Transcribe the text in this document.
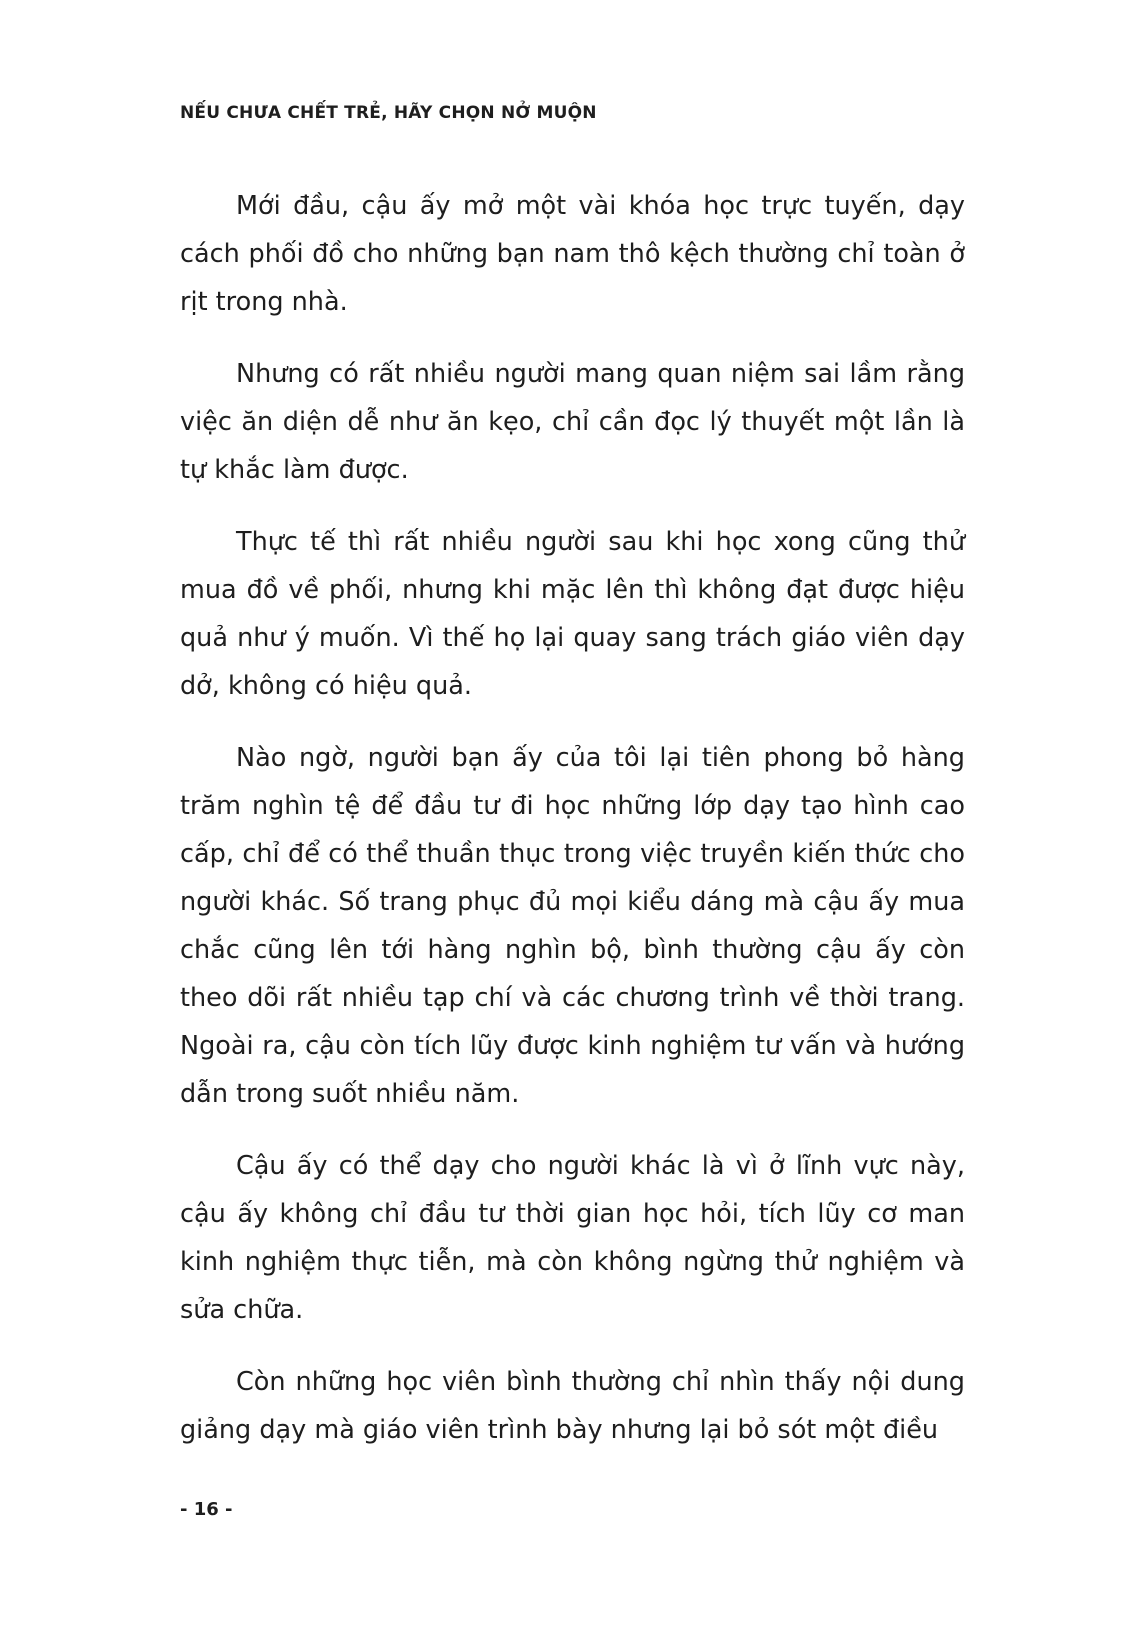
NẾU CHƯA CHẾT TRẺ, HÃY CHỌN NỞ MUỘN

Mới đầu, cậu ấy mở một vài khóa học trực tuyến, dạy cách phối đồ cho những bạn nam thô kệch thường chỉ toàn ở rịt trong nhà.

Nhưng có rất nhiều người mang quan niệm sai lầm rằng việc ăn diện dễ như ăn kẹo, chỉ cần đọc lý thuyết một lần là tự khắc làm được.

Thực tế thì rất nhiều người sau khi học xong cũng thử mua đồ về phối, nhưng khi mặc lên thì không đạt được hiệu quả như ý muốn. Vì thế họ lại quay sang trách giáo viên dạy dở, không có hiệu quả.

Nào ngờ, người bạn ấy của tôi lại tiên phong bỏ hàng trăm nghìn tệ để đầu tư đi học những lớp dạy tạo hình cao cấp, chỉ để có thể thuần thục trong việc truyền kiến thức cho người khác. Số trang phục đủ mọi kiểu dáng mà cậu ấy mua chắc cũng lên tới hàng nghìn bộ, bình thường cậu ấy còn theo dõi rất nhiều tạp chí và các chương trình về thời trang. Ngoài ra, cậu còn tích lũy được kinh nghiệm tư vấn và hướng dẫn trong suốt nhiều năm.

Cậu ấy có thể dạy cho người khác là vì ở lĩnh vực này, cậu ấy không chỉ đầu tư thời gian học hỏi, tích lũy cơ man kinh nghiệm thực tiễn, mà còn không ngừng thử nghiệm và sửa chữa.

Còn những học viên bình thường chỉ nhìn thấy nội dung giảng dạy mà giáo viên trình bày nhưng lại bỏ sót một điều

- 16 -
